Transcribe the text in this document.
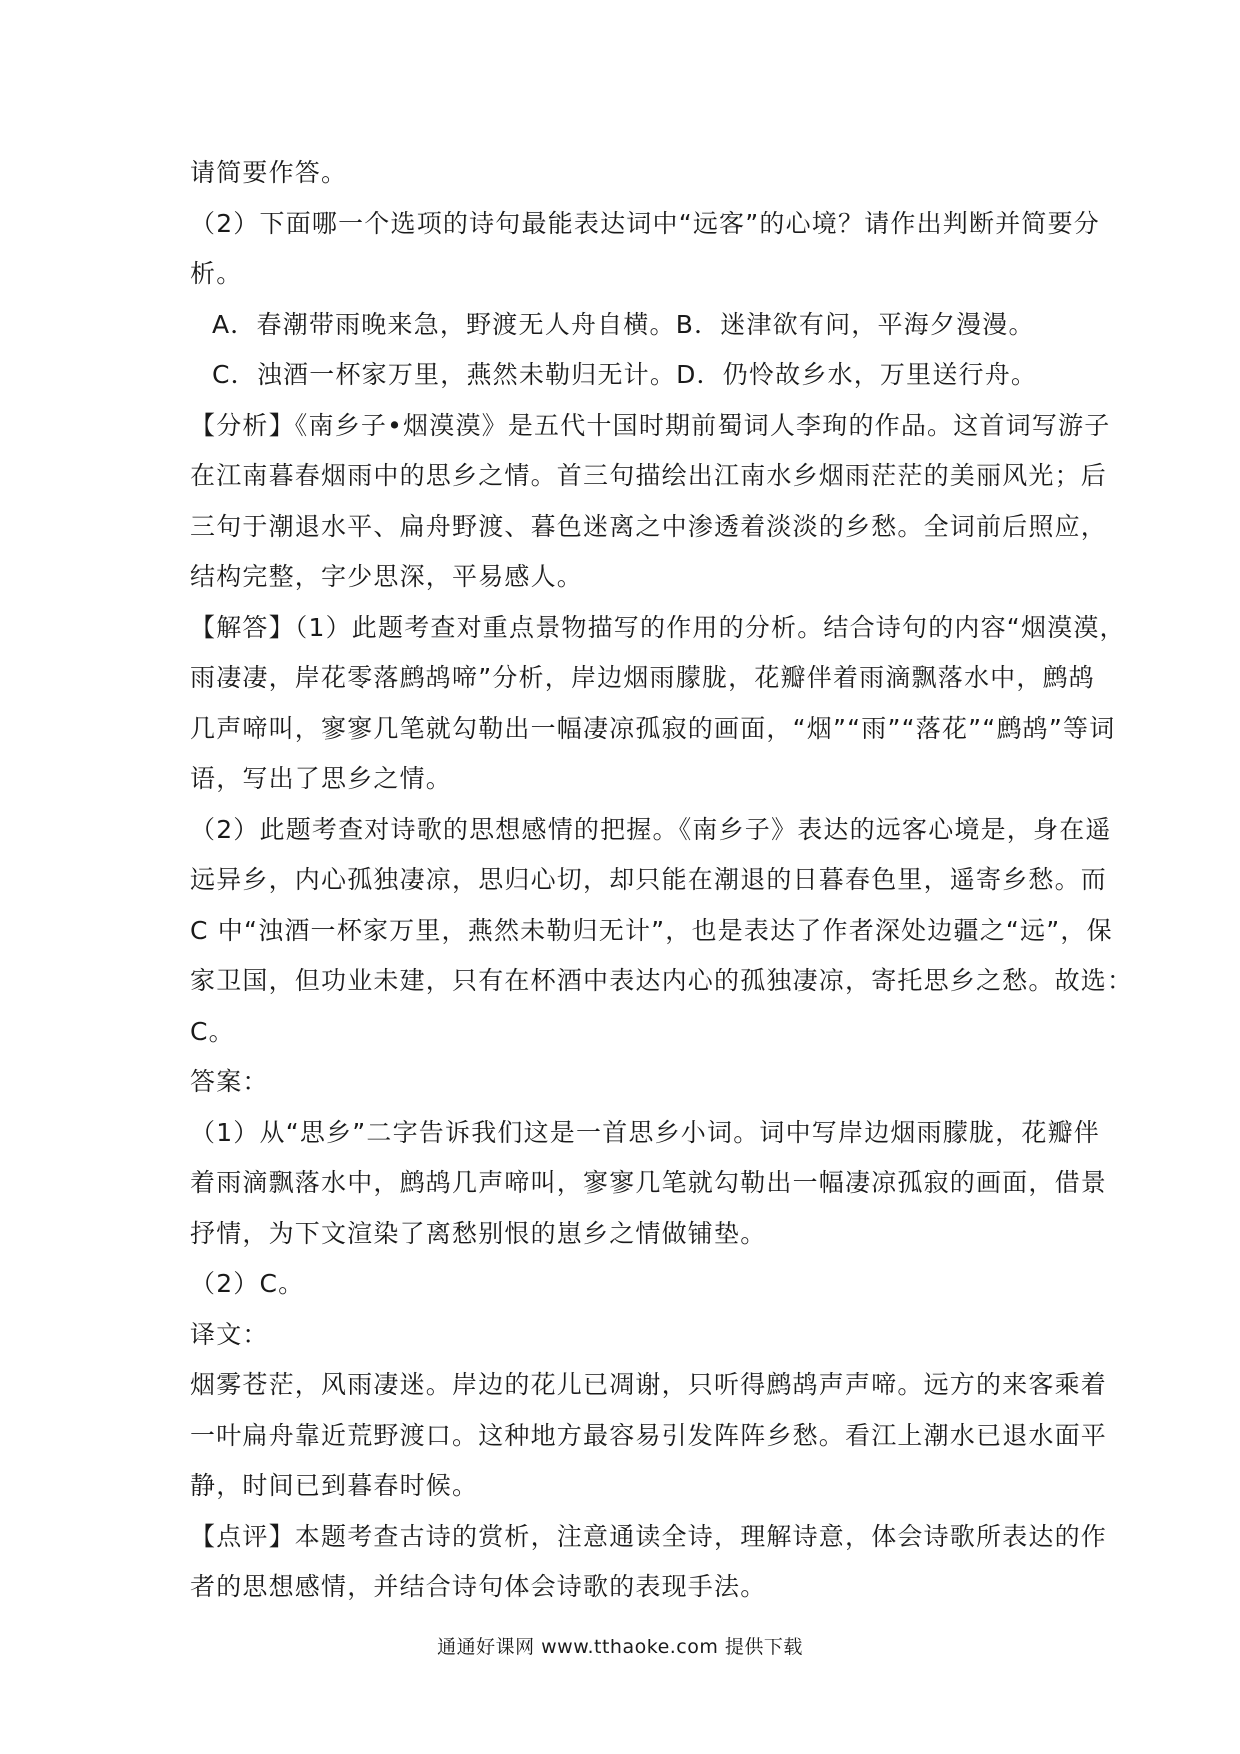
请简要作答。
（2）下面哪一个选项的诗句最能表达词中“远客”的心境？请作出判断并简要分
析。
A．春潮带雨晚来急，野渡无人舟自横。 B．迷津欲有问，平海夕漫漫。
C．浊酒一杯家万里，燕然未勒归无计。 D．仍怜故乡水，万里送行舟。
【分析】《南乡子•烟漠漠》是五代十国时期前蜀词人李珣的作品。这首词写游子
在江南暮春烟雨中的思乡之情。首三句描绘出江南水乡烟雨茫茫的美丽风光；后
三句于潮退水平、扁舟野渡、暮色迷离之中渗透着淡淡的乡愁。全词前后照应，
结构完整，字少思深，平易感人。
【解答】（1）此题考查对重点景物描写的作用的分析。结合诗句的内容“烟漠漠，
雨凄凄，岸花零落鹧鸪啼”分析，岸边烟雨朦胧，花瓣伴着雨滴飘落水中，鹧鸪
几声啼叫，寥寥几笔就勾勒出一幅凄凉孤寂的画面，“烟”“雨”“落花”“鹧鸪”等词
语，写出了思乡之情。
（2）此题考查对诗歌的思想感情的把握。《南乡子》表达的远客心境是，身在遥
远异乡，内心孤独凄凉，思归心切，却只能在潮退的日暮春色里，遥寄乡愁。而
C 中“浊酒一杯家万里，燕然未勒归无计”，也是表达了作者深处边疆之“远”，保
家卫国，但功业未建，只有在杯酒中表达内心的孤独凄凉，寄托思乡之愁。故选：
C。
答案：
（1）从“思乡”二字告诉我们这是一首思乡小词。词中写岸边烟雨朦胧，花瓣伴
着雨滴飘落水中，鹧鸪几声啼叫，寥寥几笔就勾勒出一幅凄凉孤寂的画面，借景
抒情，为下文渲染了离愁别恨的崽乡之情做铺垫。
（2）C。
译文：
烟雾苍茫，风雨凄迷。岸边的花儿已凋谢，只听得鹧鸪声声啼。远方的来客乘着
一叶扁舟靠近荒野渡口。这种地方最容易引发阵阵乡愁。看江上潮水已退水面平
静，时间已到暮春时候。
【点评】本题考查古诗的赏析，注意通读全诗，理解诗意，体会诗歌所表达的作
者的思想感情，并结合诗句体会诗歌的表现手法。
通通好课网 www.tthaoke.com 提供下载
